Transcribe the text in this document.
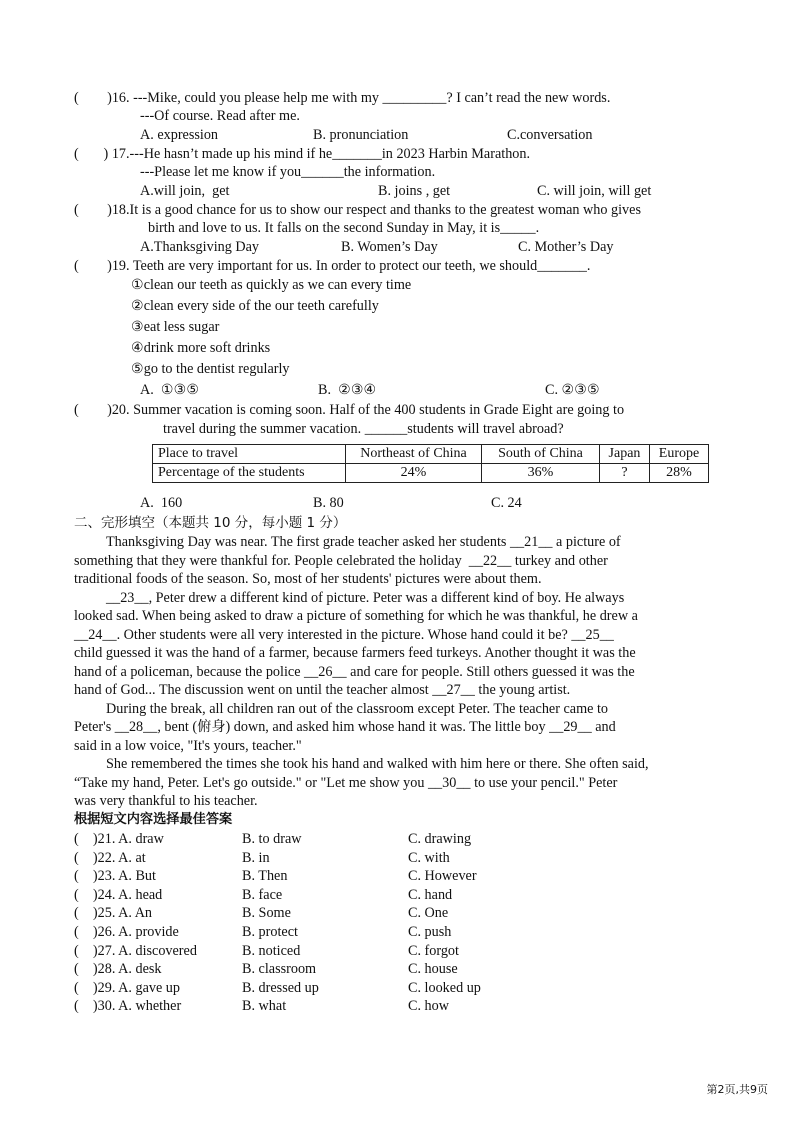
(        )16. ---Mike, could you please help me with my _________? I can’t read the new words.
---Of course. Read after me.
A. expression	B. pronunciation	C.conversation
(       ) 17.---He hasn’t made up his mind if he_______in 2023 Harbin Marathon.
---Please let me know if you______the information.
A.will join,  get	B. joins , get	C. will join, will get
(        )18.It is a good chance for us to show our respect and thanks to the greatest woman who gives
birth and love to us. It falls on the second Sunday in May, it is_____.
A.Thanksgiving Day	B. Women’s Day	C. Mother’s Day
(        )19. Teeth are very important for us. In order to protect our teeth, we should_______.
①clean our teeth as quickly as we can every time
②clean every side of the our teeth carefully
③eat less sugar
④drink more soft drinks
⑤go to the dentist regularly
A.  ①③⑤	B.  ②③④	C. ②③⑤
(        )20. Summer vacation is coming soon. Half of the 400 students in Grade Eight are going to
travel during the summer vacation. ______students will travel abroad?
Place to travel	Northeast of China	South of China	Japan	Europe
Percentage of the students	24%	36%	?	28%
A.  160	B. 80	C. 24
二、完形填空（本题共 10 分，每小题 1 分）
Thanksgiving Day was near. The first grade teacher asked her students __21__ a picture of
something that they were thankful for. People celebrated the holiday  __22__ turkey and other
traditional foods of the season. So, most of her students' pictures were about them.
__23__, Peter drew a different kind of picture. Peter was a different kind of boy. He always
looked sad. When being asked to draw a picture of something for which he was thankful, he drew a
__24__. Other students were all very interested in the picture. Whose hand could it be? __25__
child guessed it was the hand of a farmer, because farmers feed turkeys. Another thought it was the
hand of a policeman, because the police __26__ and care for people. Still others guessed it was the
hand of God... The discussion went on until the teacher almost __27__ the young artist.
During the break, all children ran out of the classroom except Peter. The teacher came to
Peter's __28__, bent (俯身) down, and asked him whose hand it was. The little boy __29__ and
said in a low voice, "It's yours, teacher."
She remembered the times she took his hand and walked with him here or there. She often said,
“Take my hand, Peter. Let's go outside." or "Let me show you __30__ to use your pencil." Peter
was very thankful to his teacher.
根据短文内容选择最佳答案
(    )21. A. draw	B. to draw	C. drawing
(    )22. A. at	B. in	C. with
(    )23. A. But	B. Then	C. However
(    )24. A. head	B. face	C. hand
(    )25. A. An	B. Some	C. One
(    )26. A. provide	B. protect	C. push
(    )27. A. discovered	B. noticed	C. forgot
(    )28. A. desk	B. classroom	C. house
(    )29. A. gave up	B. dressed up	C. looked up
(    )30. A. whether	B. what	C. how
第2页,共9页
